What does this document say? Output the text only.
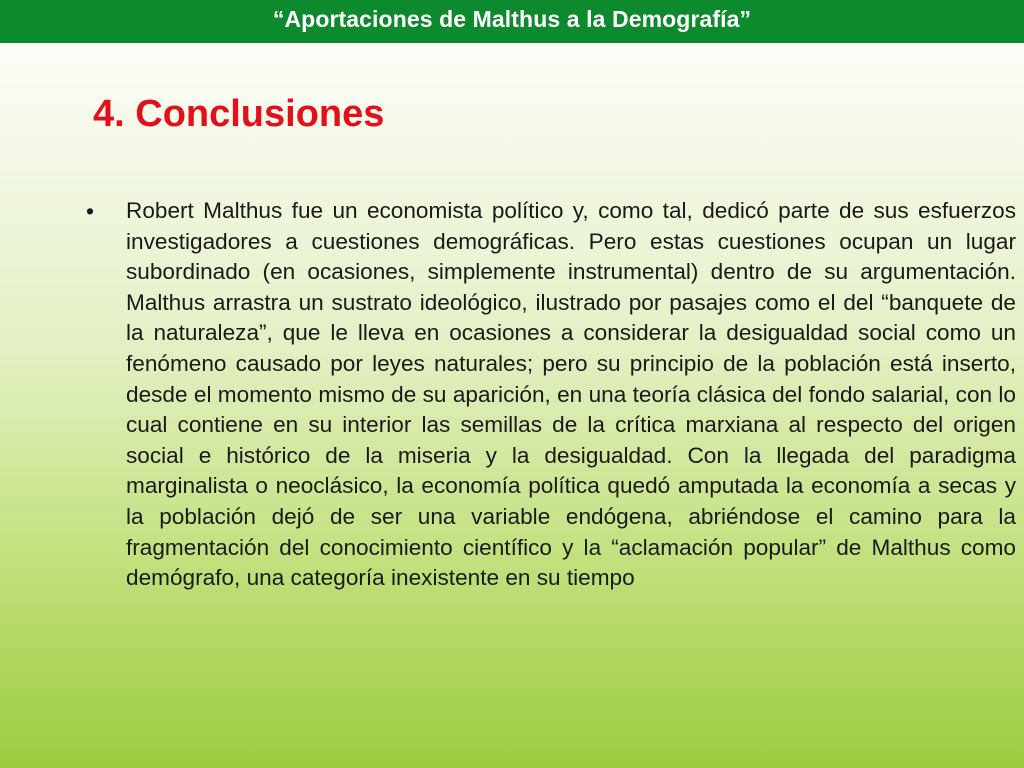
“Aportaciones de Malthus a la Demografía”
4. Conclusiones
•	Robert Malthus fue un economista político y, como tal, dedicó parte de sus esfuerzos investigadores a cuestiones demográficas. Pero estas cuestiones ocupan un lugar subordinado (en ocasiones, simplemente instrumental) dentro de su argumentación. Malthus arrastra un sustrato ideológico, ilustrado por pasajes como el del “banquete de la naturaleza”, que le lleva en ocasiones a considerar la desigualdad social como un fenómeno causado por leyes naturales; pero su principio de la población está inserto, desde el momento mismo de su aparición, en una teoría clásica del fondo salarial, con lo cual contiene en su interior las semillas de la crítica marxiana al respecto del origen social e histórico de la miseria y la desigualdad. Con la llegada del paradigma marginalista o neoclásico, la economía política quedó amputada la economía a secas y la población dejó de ser una variable endógena, abriéndose el camino para la fragmentación del conocimiento científico y la “aclamación popular” de Malthus como demógrafo, una categoría inexistente en su tiempo
